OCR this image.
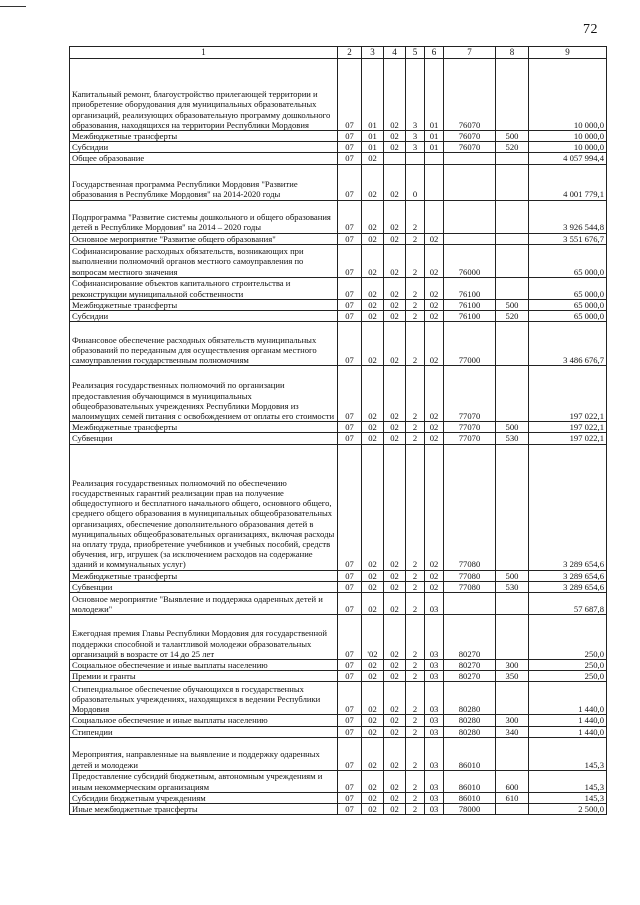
72
1	2	3	4	5	6	7	8	9
Капитальный ремонт, благоустройство прилегающей территории и приобретение оборудования для муниципальных образовательных организаций, реализующих образовательную программу дошкольного образования, находящихся на территории Республики Мордовия	07	01	02	3	01	76070		10 000,0
Межбюджетные трансферты	07	01	02	3	01	76070	500	10 000,0
Субсидии	07	01	02	3	01	76070	520	10 000,0
Общее образование	07	02						4 057 994,4
Государственная программа Республики Мордовия "Развитие образования в Республике Мордовия" на 2014-2020 годы	07	02	02	0				4 001 779,1
Подпрограмма "Развитие системы дошкольного и общего образования детей в Республике Мордовия" на 2014 – 2020 годы	07	02	02	2				3 926 544,8
Основное мероприятие "Развитие общего образования"	07	02	02	2	02			3 551 676,7
Софинансирование расходных обязательств, возникающих при выполнении полномочий органов местного самоуправления по вопросам местного значения	07	02	02	2	02	76000		65 000,0
Софинансирование объектов капитального строительства и реконструкции муниципальной собственности	07	02	02	2	02	76100		65 000,0
Межбюджетные трансферты	07	02	02	2	02	76100	500	65 000,0
Субсидии	07	02	02	2	02	76100	520	65 000,0
Финансовое обеспечение расходных обязательств муниципальных образований по переданным для осуществления органам местного самоуправления государственным полномочиям	07	02	02	2	02	77000		3 486 676,7
Реализация государственных полномочий по организации предоставления обучающимся в муниципальных общеобразовательных учреждениях Республики Мордовия из малоимущих семей питания с освобождением от оплаты его стоимости	07	02	02	2	02	77070		197 022,1
Межбюджетные трансферты	07	02	02	2	02	77070	500	197 022,1
Субвенции	07	02	02	2	02	77070	530	197 022,1
Реализация государственных полномочий по обеспечению государственных гарантий реализации прав на получение общедоступного и бесплатного начального общего, основного общего, среднего общего образования в муниципальных общеобразовательных организациях, обеспечение дополнительного образования детей в муниципальных общеобразовательных организациях, включая расходы на оплату труда, приобретение учебников и учебных пособий, средств обучения, игр, игрушек (за исключением расходов на содержание зданий и коммунальных услуг)	07	02	02	2	02	77080		3 289 654,6
Межбюджетные трансферты	07	02	02	2	02	77080	500	3 289 654,6
Субвенции	07	02	02	2	02	77080	530	3 289 654,6
Основное мероприятие "Выявление и поддержка одаренных детей и молодежи"	07	02	02	2	03			57 687,8
Ежегодная премия Главы Республики Мордовия для государственной поддержки способной и талантливой молодежи образовательных организаций в возрасте от 14 до 25 лет	07	'02	02	2	03	80270		250,0
Социальное обеспечение и иные выплаты населению	07	02	02	2	03	80270	300	250,0
Премии и гранты	07	02	02	2	03	80270	350	250,0
Стипендиальное обеспечение обучающихся в государственных образовательных учреждениях, находящихся в ведении Республики Мордовия	07	02	02	2	03	80280		1 440,0
Социальное обеспечение и иные выплаты населению	07	02	02	2	03	80280	300	1 440,0
Стипендии	07	02	02	2	03	80280	340	1 440,0
Мероприятия, направленные на выявление и поддержку одаренных детей и молодежи	07	02	02	2	03	86010		145,3
Предоставление субсидий бюджетным, автономным учреждениям и иным некоммерческим организациям	07	02	02	2	03	86010	600	145,3
Субсидии бюджетным учреждениям	07	02	02	2	03	86010	610	145,3
Иные межбюджетные трансферты	07	02	02	2	03	78000		2 500,0
